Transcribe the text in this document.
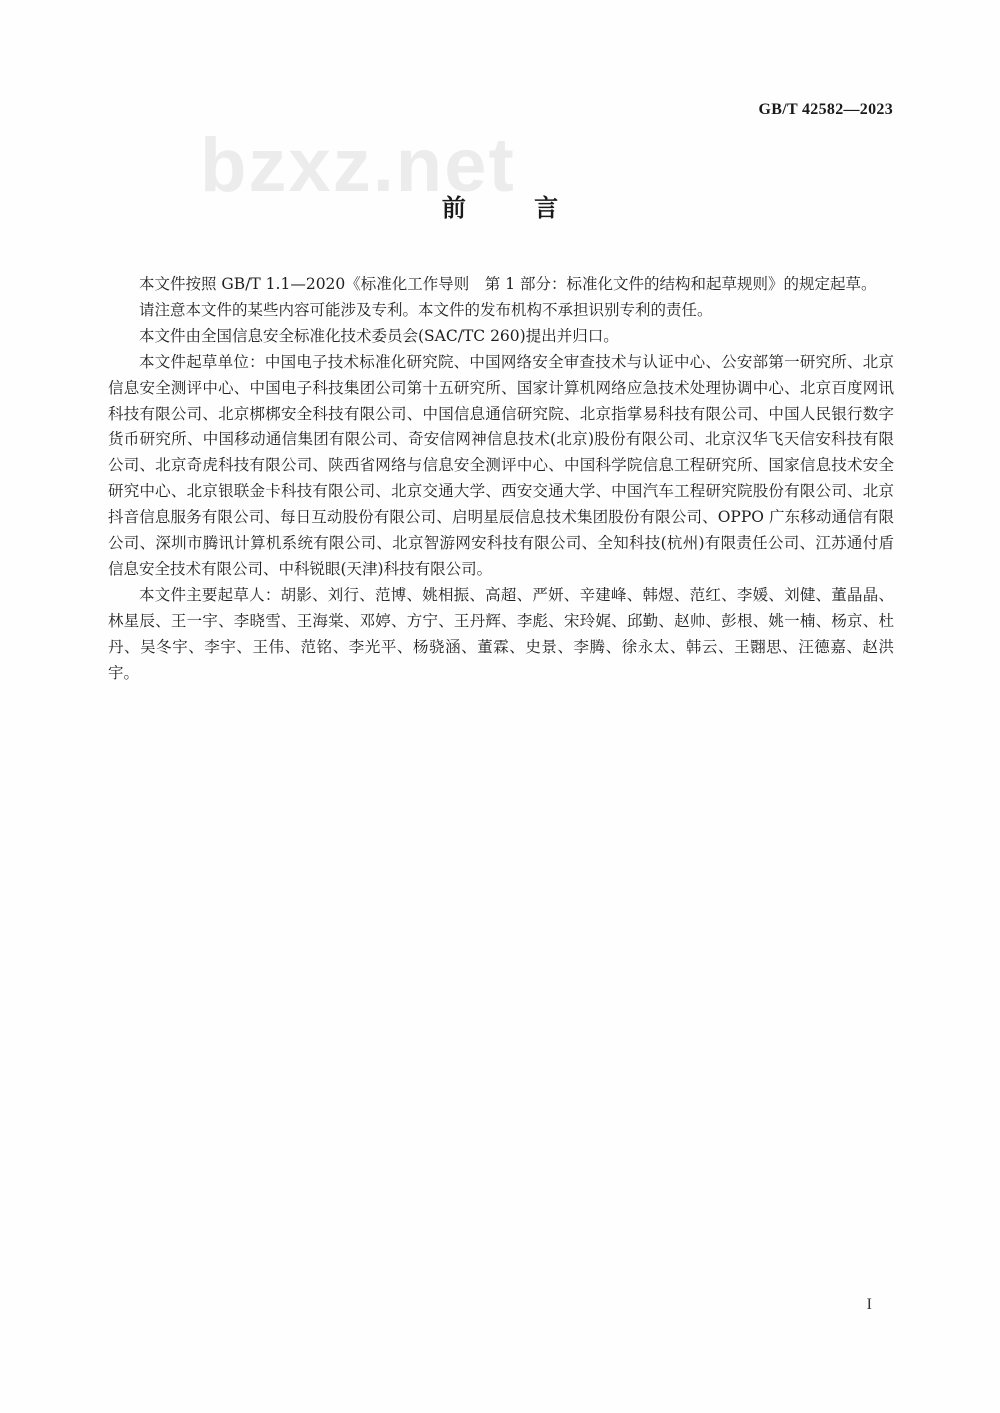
GB/T 42582—2023
bzxz.net
前 言

本文件按照 GB/T 1.1—2020《标准化工作导则　第 1 部分：标准化文件的结构和起草规则》的规定起草。

请注意本文件的某些内容可能涉及专利。本文件的发布机构不承担识别专利的责任。

本文件由全国信息安全标准化技术委员会(SAC/TC 260)提出并归口。

本文件起草单位：中国电子技术标准化研究院、中国网络安全审查技术与认证中心、公安部第一研究所、北京信息安全测评中心、中国电子科技集团公司第十五研究所、国家计算机网络应急技术处理协调中心、北京百度网讯科技有限公司、北京梆梆安全科技有限公司、中国信息通信研究院、北京指掌易科技有限公司、中国人民银行数字货币研究所、中国移动通信集团有限公司、奇安信网神信息技术(北京)股份有限公司、北京汉华飞天信安科技有限公司、北京奇虎科技有限公司、陕西省网络与信息安全测评中心、中国科学院信息工程研究所、国家信息技术安全研究中心、北京银联金卡科技有限公司、北京交通大学、西安交通大学、中国汽车工程研究院股份有限公司、北京抖音信息服务有限公司、每日互动股份有限公司、启明星辰信息技术集团股份有限公司、OPPO 广东移动通信有限公司、深圳市腾讯计算机系统有限公司、北京智游网安科技有限公司、全知科技(杭州)有限责任公司、江苏通付盾信息安全技术有限公司、中科锐眼(天津)科技有限公司。

本文件主要起草人：胡影、刘行、范博、姚相振、高超、严妍、辛建峰、韩煜、范红、李媛、刘健、董晶晶、林星辰、王一宇、李晓雪、王海棠、邓婷、方宁、王丹辉、李彪、宋玲娓、邱勤、赵帅、彭根、姚一楠、杨京、杜丹、吴冬宇、李宇、王伟、范铭、李光平、杨骁涵、董霖、史景、李腾、徐永太、韩云、王翾思、汪德嘉、赵洪宇。

I
